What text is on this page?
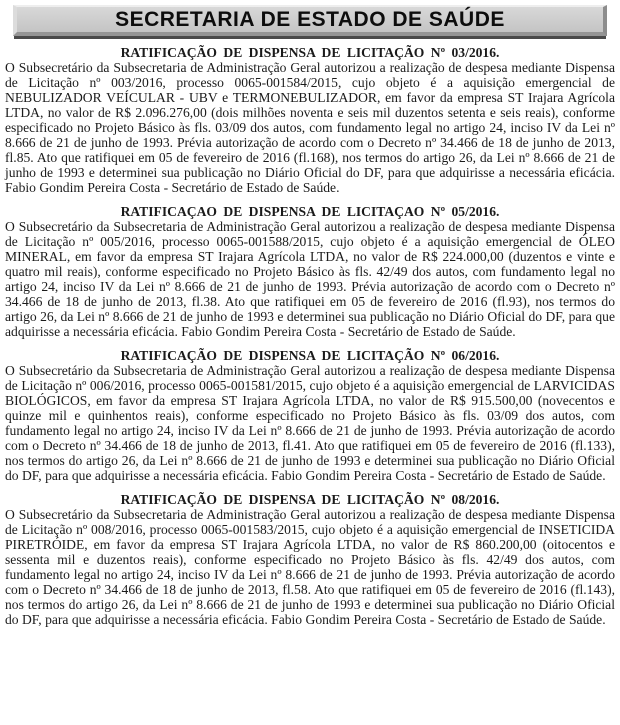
SECRETARIA DE ESTADO DE SAÚDE

RATIFICAÇÃO DE DISPENSA DE LICITAÇÃO Nº 03/2016.

O Subsecretário da Subsecretaria de Administração Geral autorizou a realização de despesa mediante Dispensa de Licitação nº 003/2016, processo 0065-001584/2015, cujo objeto é a aquisição emergencial de NEBULIZADOR VEÍCULAR - UBV e TERMONEBULIZADOR, em favor da empresa ST Irajara Agrícola LTDA, no valor de R$ 2.096.276,00 (dois milhões noventa e seis mil duzentos setenta e seis reais), conforme especificado no Projeto Básico às fls. 03/09 dos autos, com fundamento legal no artigo 24, inciso IV da Lei nº 8.666 de 21 de junho de 1993. Prévia autorização de acordo com o Decreto nº 34.466 de 18 de junho de 2013, fl.85. Ato que ratifiquei em 05 de fevereiro de 2016 (fl.168), nos termos do artigo 26, da Lei nº 8.666 de 21 de junho de 1993 e determinei sua publicação no Diário Oficial do DF, para que adquirisse a necessária eficácia. Fabio Gondim Pereira Costa - Secretário de Estado de Saúde.

RATIFICAÇAO DE DISPENSA DE LICITAÇAO Nº 05/2016.

O Subsecretário da Subsecretaria de Administração Geral autorizou a realização de despesa mediante Dispensa de Licitação nº 005/2016, processo 0065-001588/2015, cujo objeto é a aquisição emergencial de ÓLEO MINERAL, em favor da empresa ST Irajara Agrícola LTDA, no valor de R$ 224.000,00 (duzentos e vinte e quatro mil reais), conforme especificado no Projeto Básico às fls. 42/49 dos autos, com fundamento legal no artigo 24, inciso IV da Lei nº 8.666 de 21 de junho de 1993. Prévia autorização de acordo com o Decreto nº 34.466 de 18 de junho de 2013, fl.38. Ato que ratifiquei em 05 de fevereiro de 2016 (fl.93), nos termos do artigo 26, da Lei nº 8.666 de 21 de junho de 1993 e determinei sua publicação no Diário Oficial do DF, para que adquirisse a necessária eficácia. Fabio Gondim Pereira Costa - Secretário de Estado de Saúde.

RATIFICAÇÃO DE DISPENSA DE LICITAÇÃO Nº 06/2016.

O Subsecretário da Subsecretaria de Administração Geral autorizou a realização de despesa mediante Dispensa de Licitação nº 006/2016, processo 0065-001581/2015, cujo objeto é a aquisição emergencial de LARVICIDAS BIOLÓGICOS, em favor da empresa ST Irajara Agrícola LTDA, no valor de R$ 915.500,00 (novecentos e quinze mil e quinhentos reais), conforme especificado no Projeto Básico às fls. 03/09 dos autos, com fundamento legal no artigo 24, inciso IV da Lei nº 8.666 de 21 de junho de 1993. Prévia autorização de acordo com o Decreto nº 34.466 de 18 de junho de 2013, fl.41. Ato que ratifiquei em 05 de fevereiro de 2016 (fl.133), nos termos do artigo 26, da Lei nº 8.666 de 21 de junho de 1993 e determinei sua publicação no Diário Oficial do DF, para que adquirisse a necessária eficácia. Fabio Gondim Pereira Costa - Secretário de Estado de Saúde.

RATIFICAÇÃO DE DISPENSA DE LICITAÇÃO Nº 08/2016.

O Subsecretário da Subsecretaria de Administração Geral autorizou a realização de despesa mediante Dispensa de Licitação nº 008/2016, processo 0065-001583/2015, cujo objeto é a aquisição emergencial de INSETICIDA PIRETRÓIDE, em favor da empresa ST Irajara Agrícola LTDA, no valor de R$ 860.200,00 (oitocentos e sessenta mil e duzentos reais), conforme especificado no Projeto Básico às fls. 42/49 dos autos, com fundamento legal no artigo 24, inciso IV da Lei nº 8.666 de 21 de junho de 1993. Prévia autorização de acordo com o Decreto nº 34.466 de 18 de junho de 2013, fl.58. Ato que ratifiquei em 05 de fevereiro de 2016 (fl.143), nos termos do artigo 26, da Lei nº 8.666 de 21 de junho de 1993 e determinei sua publicação no Diário Oficial do DF, para que adquirisse a necessária eficácia. Fabio Gondim Pereira Costa - Secretário de Estado de Saúde.
